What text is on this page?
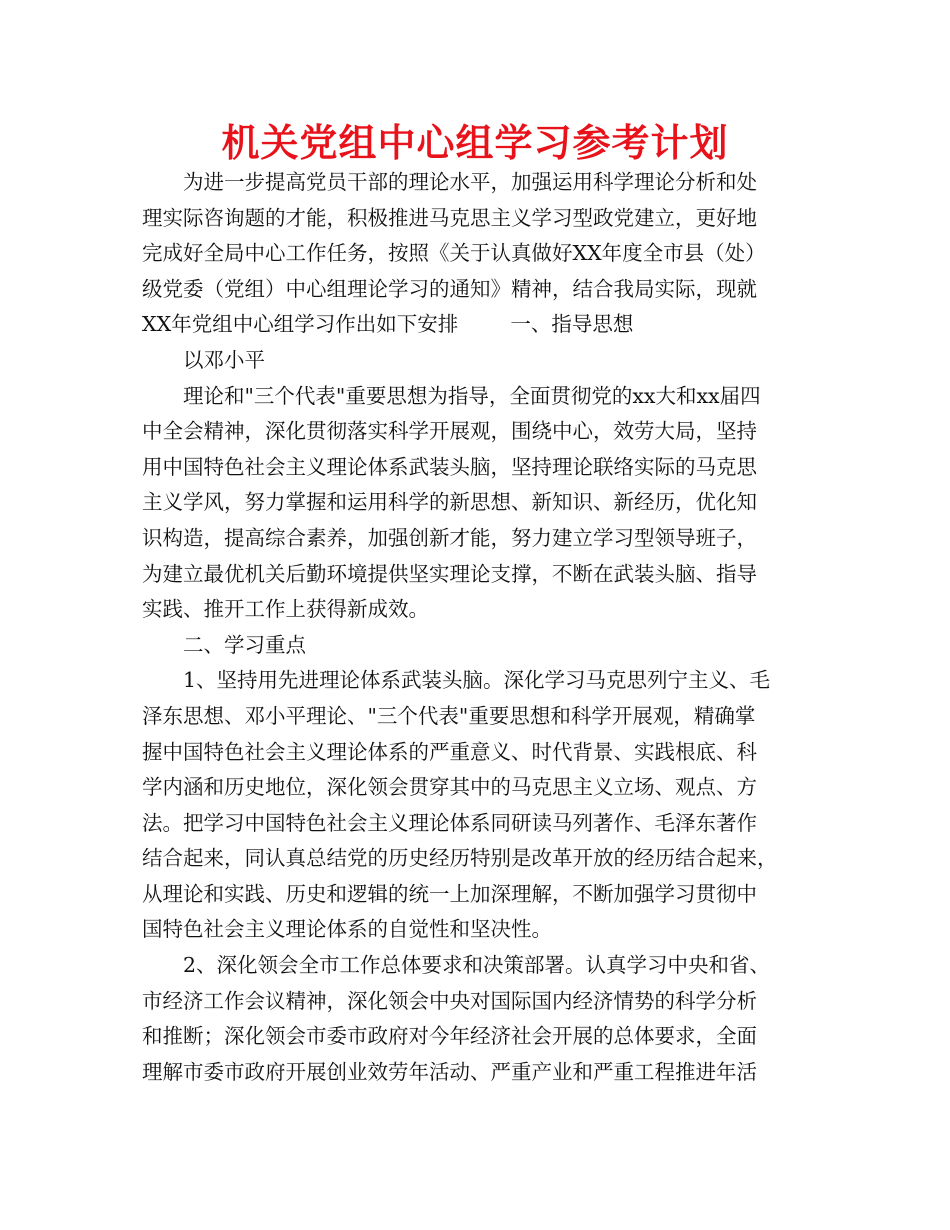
机关党组中心组学习参考计划
为进一步提高党员干部的理论水平，加强运用科学理论分析和处
理实际咨询题的才能，积极推进马克思主义学习型政党建立，更好地
完成好全局中心工作任务，按照《关于认真做好XX年度全市县（处）
级党委（党组）中心组理论学习的通知》精神，结合我局实际，现就
XX年党组中心组学习作出如下安排        一、指导思想
以邓小平
理论和"三个代表"重要思想为指导，全面贯彻党的xx大和xx届四
中全会精神，深化贯彻落实科学开展观，围绕中心，效劳大局，坚持
用中国特色社会主义理论体系武装头脑，坚持理论联络实际的马克思
主义学风，努力掌握和运用科学的新思想、新知识、新经历，优化知
识构造，提高综合素养，加强创新才能，努力建立学习型领导班子，
为建立最优机关后勤环境提供坚实理论支撑，不断在武装头脑、指导
实践、推开工作上获得新成效。
二、学习重点
1、坚持用先进理论体系武装头脑。深化学习马克思列宁主义、毛
泽东思想、邓小平理论、"三个代表"重要思想和科学开展观，精确掌
握中国特色社会主义理论体系的严重意义、时代背景、实践根底、科
学内涵和历史地位，深化领会贯穿其中的马克思主义立场、观点、方
法。把学习中国特色社会主义理论体系同研读马列著作、毛泽东著作
结合起来，同认真总结党的历史经历特别是改革开放的经历结合起来，
从理论和实践、历史和逻辑的统一上加深理解，不断加强学习贯彻中
国特色社会主义理论体系的自觉性和坚决性。
2、深化领会全市工作总体要求和决策部署。认真学习中央和省、
市经济工作会议精神，深化领会中央对国际国内经济情势的科学分析
和推断；深化领会市委市政府对今年经济社会开展的总体要求，全面
理解市委市政府开展创业效劳年活动、严重产业和严重工程推进年活
